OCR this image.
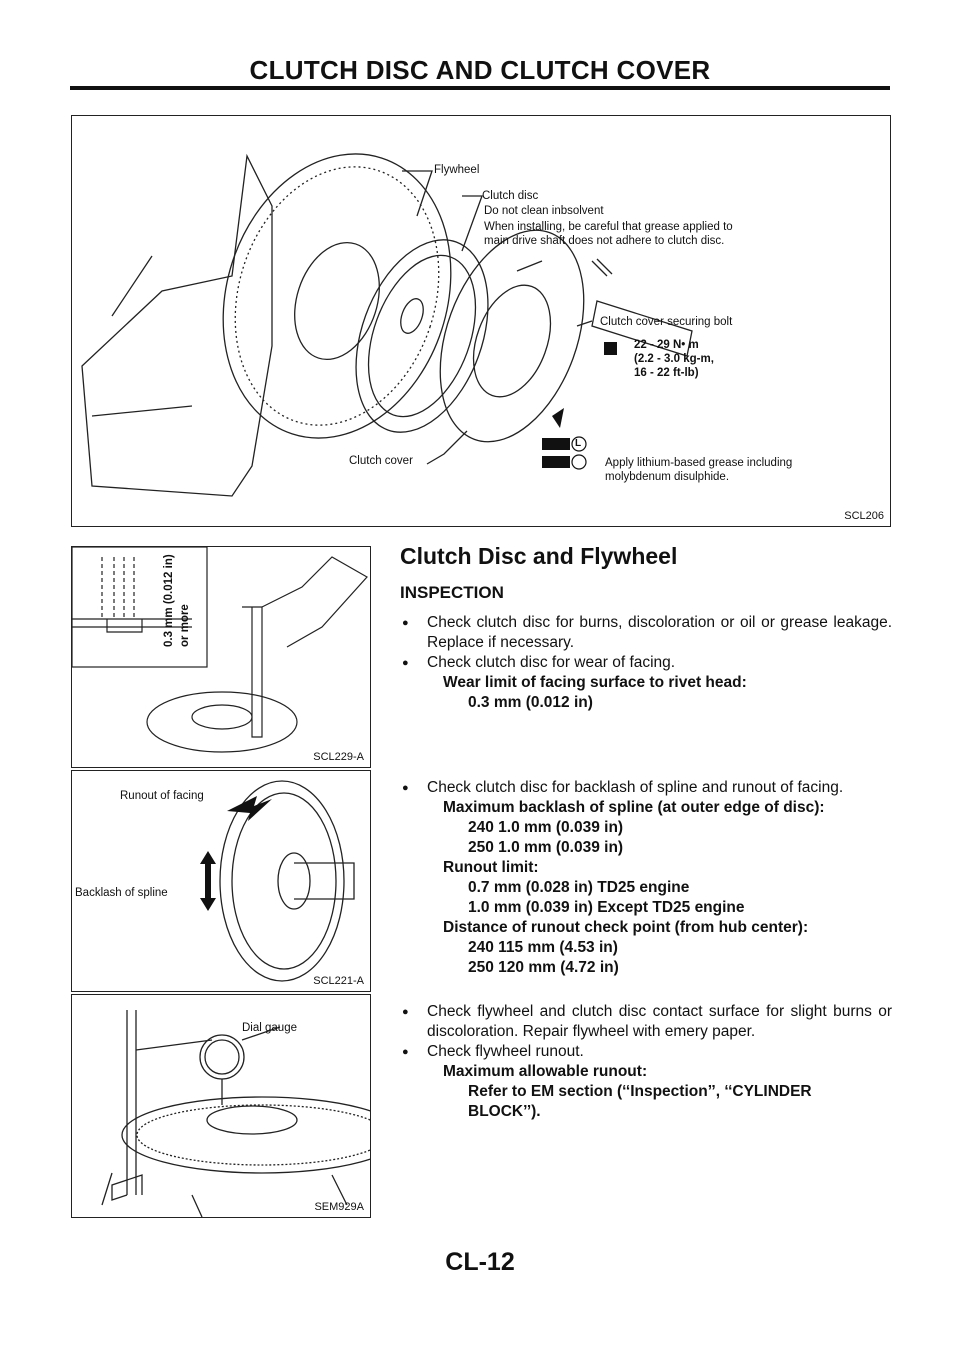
CLUTCH DISC AND CLUTCH COVER
Flywheel
Clutch disc
Do not clean inbsolvent
When installing, be careful that grease applied to
main drive shaft does not adhere to clutch disc.
Clutch cover securing bolt
22 - 29 N• m
(2.2 - 3.0 kg-m,
16 - 22 ft-lb)
Clutch cover
L
Apply lithium-based grease including
molybdenum disulphide.
SCL206
0.3 mm (0.012 in) or more
SCL229-A
Runout of facing
Backlash of spline
SCL221-A
Dial gauge
SEM929A
Clutch Disc and Flywheel
INSPECTION
● Check clutch disc for burns, discoloration or oil or grease leakage. Replace if necessary.
● Check clutch disc for wear of facing.
Wear limit of facing surface to rivet head:
0.3 mm (0.012 in)
● Check clutch disc for backlash of spline and runout of facing.
Maximum backlash of spline (at outer edge of disc):
240 1.0 mm (0.039 in)
250 1.0 mm (0.039 in)
Runout limit:
0.7 mm (0.028 in) TD25 engine
1.0 mm (0.039 in) Except TD25 engine
Distance of runout check point (from hub center):
240 115 mm (4.53 in)
250 120 mm (4.72 in)
● Check flywheel and clutch disc contact surface for slight burns or discoloration. Repair flywheel with emery paper.
● Check flywheel runout.
Maximum allowable runout:
Refer to EM section (‘‘Inspection’’, ‘‘CYLINDER
BLOCK’’).
CL-12
